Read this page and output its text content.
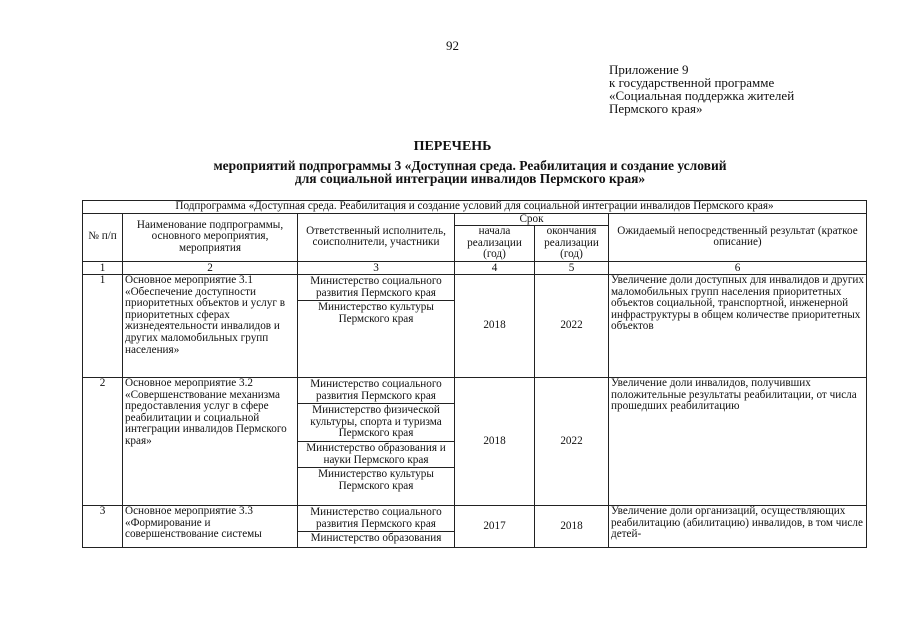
92
Приложение 9
к государственной программе
«Социальная поддержка жителей
Пермского края»
ПЕРЕЧЕНЬ
мероприятий подпрограммы 3 «Доступная среда. Реабилитация и создание условий
для социальной интеграции инвалидов Пермского края»
Подпрограмма «Доступная среда. Реабилитация и создание условий для социальной интеграции инвалидов Пермского края»					
№ п/п	Наименование подпрограммы, основного мероприятия, мероприятия	Ответственный исполнитель, соисполнители, участники	Срок		Ожидаемый непосредственный результат (краткое описание)
			начала реализации (год)	окончания реализации (год)	
1	2	3	4	5	6
1	Основное мероприятие 3.1 «Обеспечение доступности приоритетных объектов и услуг в приоритетных сферах жизнедеятельности инвалидов и других маломобильных групп населения»	Министерство социального развития Пермского края
Министерство культуры Пермского края	2018	2022	Увеличение доли доступных для инвалидов и других маломобильных групп населения приоритетных объектов социальной, транспортной, инженерной инфраструктуры в общем количестве приоритетных объектов
2	Основное мероприятие 3.2 «Совершенствование механизма предоставления услуг в сфере реабилитации и социальной интеграции инвалидов Пермского края»	Министерство социального развития Пермского края
Министерство физической культуры, спорта и туризма Пермского края
Министерство образования и науки Пермского края
Министерство культуры Пермского края	2018	2022	Увеличение доли инвалидов, получивших положительные результаты реабилитации, от числа прошедших реабилитацию
3	Основное мероприятие 3.3 «Формирование и совершенствование системы	Министерство социального развития Пермского края
Министерство образования	2017	2018	Увеличение доли организаций, осуществляющих реабилитацию (абилитацию) инвалидов, в том числе детей-
